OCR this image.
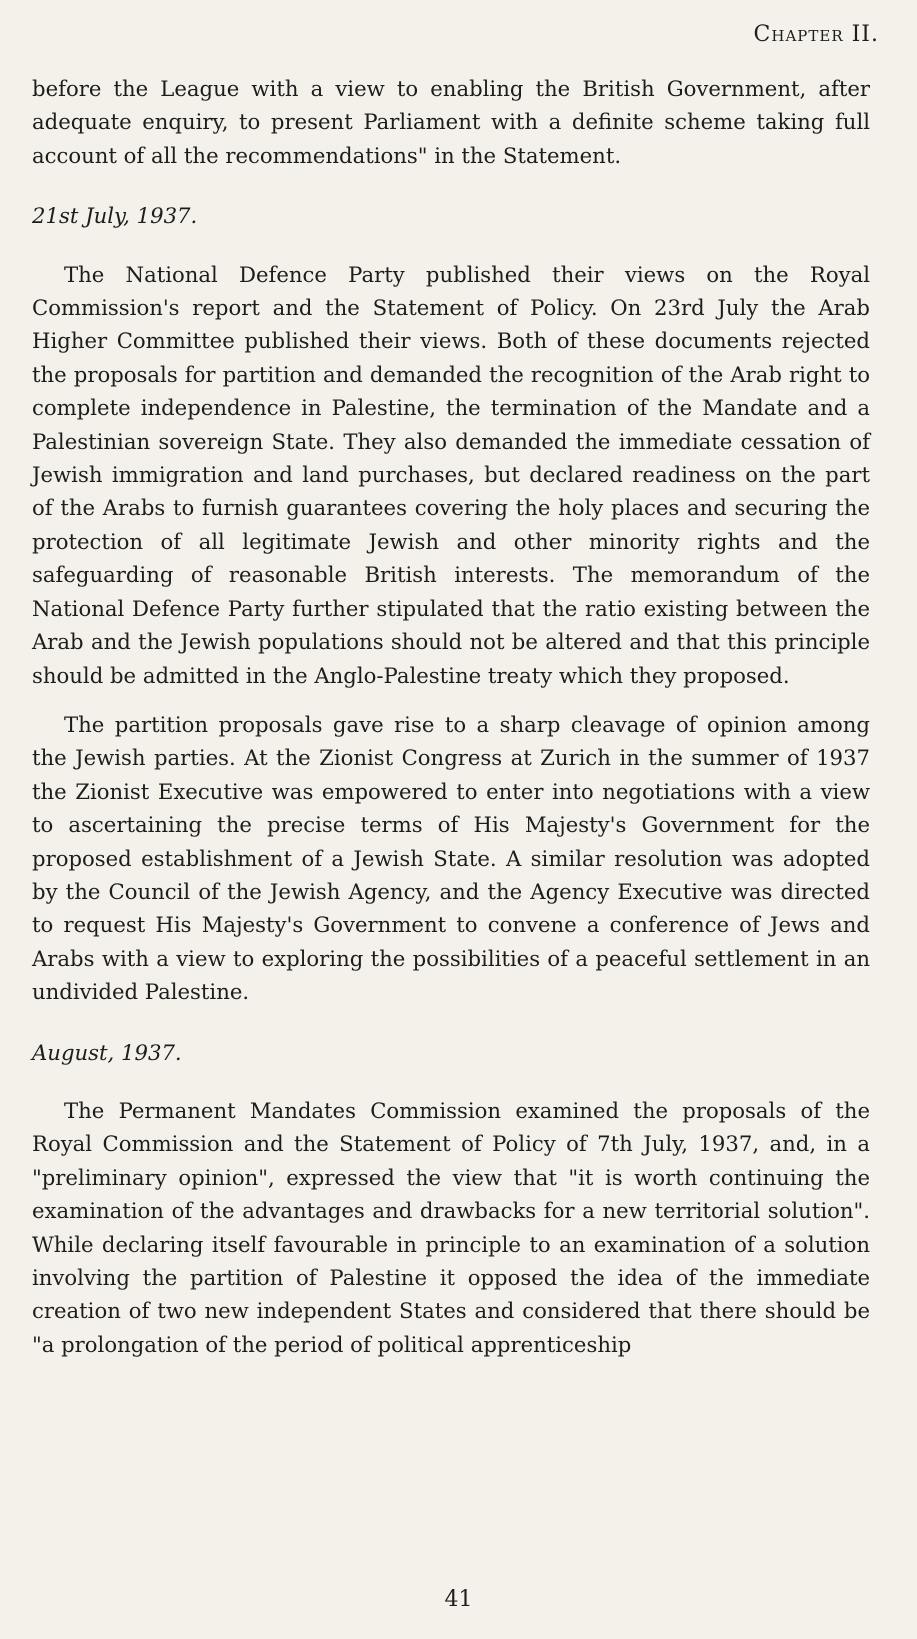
Chapter II.

before the League with a view to enabling the British Government, after adequate enquiry, to present Parliament with a definite scheme taking full account of all the recommendations" in the Statement.

21st July, 1937.

The National Defence Party published their views on the Royal Commission's report and the Statement of Policy. On 23rd July the Arab Higher Committee published their views. Both of these documents rejected the proposals for partition and demanded the recognition of the Arab right to complete independence in Palestine, the termination of the Mandate and a Palestinian sovereign State. They also demanded the immediate cessation of Jewish immigration and land purchases, but declared readiness on the part of the Arabs to furnish guarantees covering the holy places and securing the protection of all legitimate Jewish and other minority rights and the safeguarding of reasonable British interests. The memorandum of the National Defence Party further stipulated that the ratio existing between the Arab and the Jewish populations should not be altered and that this principle should be admitted in the Anglo-Palestine treaty which they proposed.

The partition proposals gave rise to a sharp cleavage of opinion among the Jewish parties. At the Zionist Congress at Zurich in the summer of 1937 the Zionist Executive was empowered to enter into negotiations with a view to ascertaining the precise terms of His Majesty's Government for the proposed establishment of a Jewish State. A similar resolution was adopted by the Council of the Jewish Agency, and the Agency Executive was directed to request His Majesty's Government to convene a conference of Jews and Arabs with a view to exploring the possibilities of a peaceful settlement in an undivided Palestine.

August, 1937.

The Permanent Mandates Commission examined the proposals of the Royal Commission and the Statement of Policy of 7th July, 1937, and, in a "preliminary opinion", expressed the view that "it is worth continuing the examination of the advantages and drawbacks for a new territorial solution". While declaring itself favourable in principle to an examination of a solution involving the partition of Palestine it opposed the idea of the immediate creation of two new independent States and considered that there should be "a prolongation of the period of political apprenticeship

41
